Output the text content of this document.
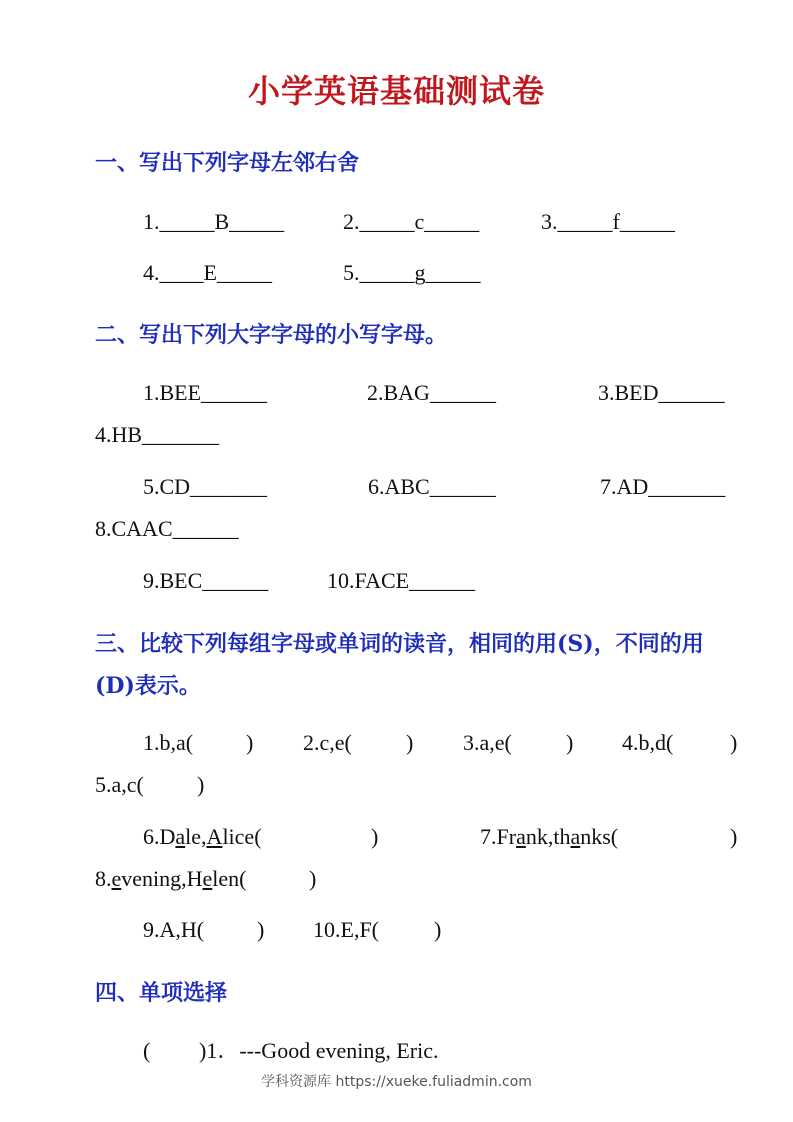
小学英语基础测试卷
一、写出下列字母左邻右舍
1._____B_____	2._____c_____	3._____f_____
4.____E_____	5._____g_____
二、写出下列大字字母的小写字母。
1.BEE______	2.BAG______	3.BED______
4.HB_______
5.CD_______	6.ABC______	7.AD_______
8.CAAC______
9.BEC______	10.FACE______
三、比较下列每组字母或单词的读音，相同的用(S)，不同的用
(D)表示。
1.b,a( ) 2.c,e( ) 3.a,e( ) 4.b,d(	)
5.a,c( )
6.Dale,Alice(	)	7.Frank,thanks(	)
8.evening,Helen(	)
9.A,H( ) 10.E,F(	)
四、单项选择
( )1．---Good evening, Eric.
学科资源库 https://xueke.fuliadmin.com
